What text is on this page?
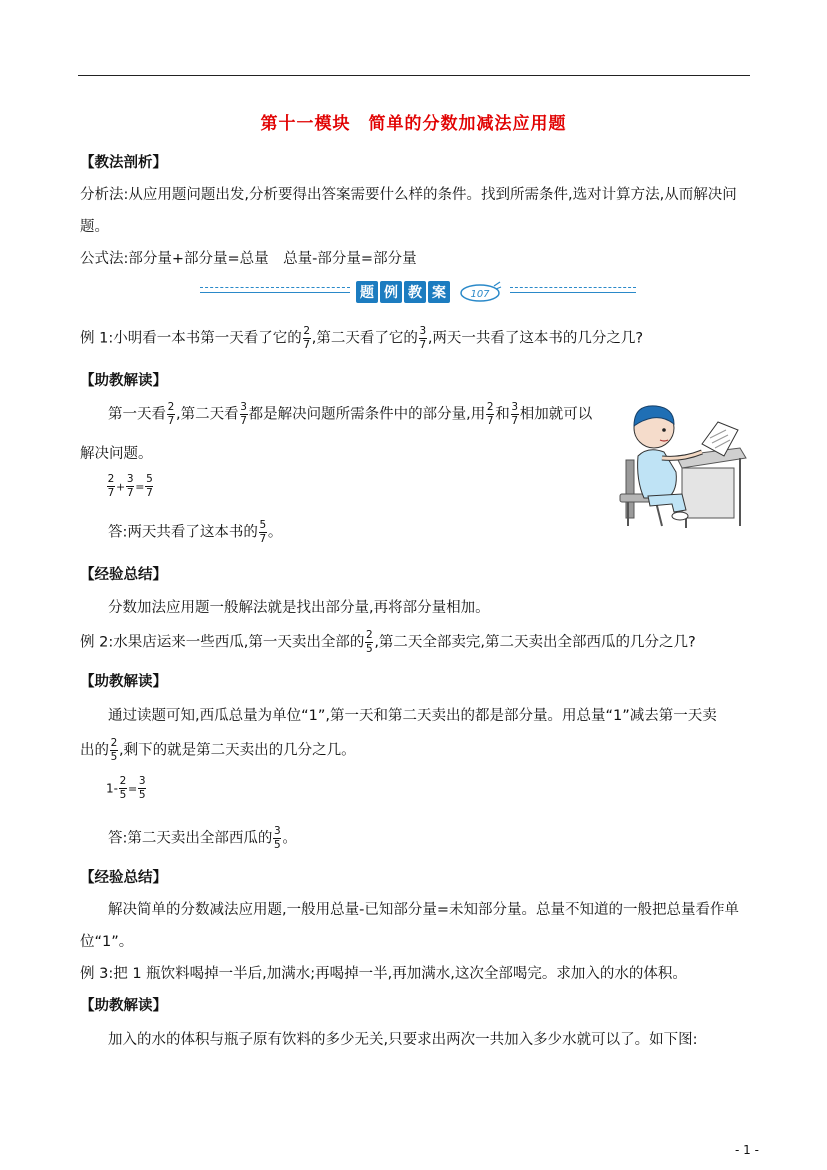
第十一模块　简单的分数加减法应用题
【教法剖析】
分析法:从应用题问题出发,分析要得出答案需要什么样的条件。找到所需条件,选对计算方法,从而解决问
题。
公式法:部分量+部分量=总量　总量-部分量=部分量
题 例 教 案	107
例 1:小明看一本书第一天看了它的 $\frac{2}{7}$ ,第二天看了它的 $\frac{3}{7}$ ,两天一共看了这本书的几分之几?
【助教解读】
第一天看 $\frac{2}{7}$ ,第二天看 $\frac{3}{7}$ 都是解决问题所需条件中的部分量,用 $\frac{2}{7}$ 和 $\frac{3}{7}$ 相加就可以
解决问题。
$\frac{2}{7} + \frac{3}{7} = \frac{5}{7}$
答:两天共看了这本书的 $\frac{5}{7}$ 。
【经验总结】
分数加法应用题一般解法就是找出部分量,再将部分量相加。
例 2:水果店运来一些西瓜,第一天卖出全部的 $\frac{2}{5}$ ,第二天全部卖完,第二天卖出全部西瓜的几分之几?
【助教解读】
通过读题可知,西瓜总量为单位“1”,第一天和第二天卖出的都是部分量。用总量“1”减去第一天卖
出的 $\frac{2}{5}$ ,剩下的就是第二天卖出的几分之几。
$1- \frac{2}{5} = \frac{3}{5}$
答:第二天卖出全部西瓜的 $\frac{3}{5}$ 。
【经验总结】
解决简单的分数减法应用题,一般用总量-已知部分量=未知部分量。总量不知道的一般把总量看作单
位“1”。
例 3:把 1 瓶饮料喝掉一半后,加满水;再喝掉一半,再加满水,这次全部喝完。求加入的水的体积。
【助教解读】
加入的水的体积与瓶子原有饮料的多少无关,只要求出两次一共加入多少水就可以了。如下图:
- 1 -
